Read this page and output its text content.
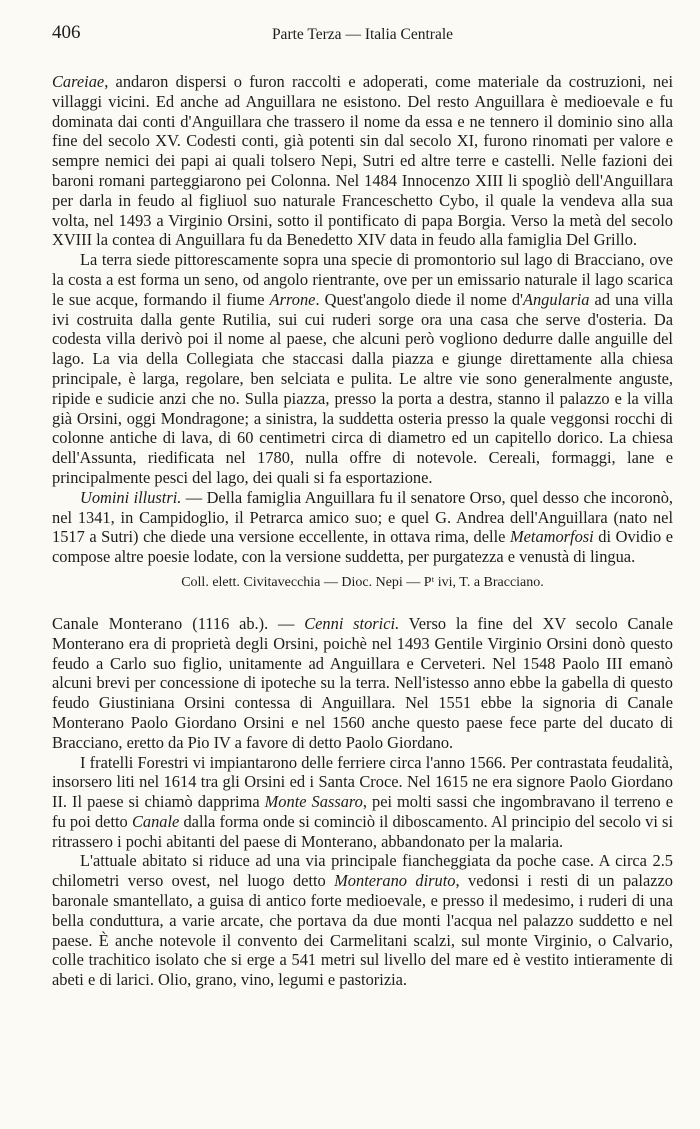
406	Parte Terza — Italia Centrale

Careiae, andaron dispersi o furon raccolti e adoperati, come materiale da costruzioni, nei villaggi vicini. Ed anche ad Anguillara ne esistono. Del resto Anguillara è medioevale e fu dominata dai conti d'Anguillara che trassero il nome da essa e ne tennero il dominio sino alla fine del secolo XV. Codesti conti, già potenti sin dal secolo XI, furono rinomati per valore e sempre nemici dei papi ai quali tolsero Nepi, Sutri ed altre terre e castelli. Nelle fazioni dei baroni romani parteggiarono pei Colonna. Nel 1484 Innocenzo XIII li spogliò dell'Anguillara per darla in feudo al figliuol suo naturale Franceschetto Cybo, il quale la vendeva alla sua volta, nel 1493 a Virginio Orsini, sotto il pontificato di papa Borgia. Verso la metà del secolo XVIII la contea di Anguillara fu da Benedetto XIV data in feudo alla famiglia Del Grillo.

La terra siede pittorescamente sopra una specie di promontorio sul lago di Bracciano, ove la costa a est forma un seno, od angolo rientrante, ove per un emissario naturale il lago scarica le sue acque, formando il fiume Arrone. Quest'angolo diede il nome d'Angularia ad una villa ivi costruita dalla gente Rutilia, sui cui ruderi sorge ora una casa che serve d'osteria. Da codesta villa derivò poi il nome al paese, che alcuni però vogliono dedurre dalle anguille del lago. La via della Collegiata che staccasi dalla piazza e giunge direttamente alla chiesa principale, è larga, regolare, ben selciata e pulita. Le altre vie sono generalmente anguste, ripide e sudicie anzi che no. Sulla piazza, presso la porta a destra, stanno il palazzo e la villa già Orsini, oggi Mondragone; a sinistra, la suddetta osteria presso la quale veggonsi rocchi di colonne antiche di lava, di 60 centimetri circa di diametro ed un capitello dorico. La chiesa dell'Assunta, riedificata nel 1780, nulla offre di notevole. Cereali, formaggi, lane e principalmente pesci del lago, dei quali si fa esportazione.

Uomini illustri. — Della famiglia Anguillara fu il senatore Orso, quel desso che incoronò, nel 1341, in Campidoglio, il Petrarca amico suo; e quel G. Andrea dell'Anguillara (nato nel 1517 a Sutri) che diede una versione eccellente, in ottava rima, delle Metamorfosi di Ovidio e compose altre poesie lodate, con la versione suddetta, per purgatezza e venustà di lingua.

Coll. elett. Civitavecchia — Dioc. Nepi — Pᵗ ivi, T. a Bracciano.

Canale Monterano (1116 ab.). — Cenni storici. Verso la fine del XV secolo Canale Monterano era di proprietà degli Orsini, poichè nel 1493 Gentile Virginio Orsini donò questo feudo a Carlo suo figlio, unitamente ad Anguillara e Cerveteri. Nel 1548 Paolo III emanò alcuni brevi per concessione di ipoteche su la terra. Nell'istesso anno ebbe la gabella di questo feudo Giustiniana Orsini contessa di Anguillara. Nel 1551 ebbe la signoria di Canale Monterano Paolo Giordano Orsini e nel 1560 anche questo paese fece parte del ducato di Bracciano, eretto da Pio IV a favore di detto Paolo Giordano.

I fratelli Forestri vi impiantarono delle ferriere circa l'anno 1566. Per contrastata feudalità, insorsero liti nel 1614 tra gli Orsini ed i Santa Croce. Nel 1615 ne era signore Paolo Giordano II. Il paese si chiamò dapprima Monte Sassaro, pei molti sassi che ingombravano il terreno e fu poi detto Canale dalla forma onde si cominciò il diboscamento. Al principio del secolo vi si ritrassero i pochi abitanti del paese di Monterano, abbandonato per la malaria.

L'attuale abitato si riduce ad una via principale fiancheggiata da poche case. A circa 2.5 chilometri verso ovest, nel luogo detto Monterano diruto, vedonsi i resti di un palazzo baronale smantellato, a guisa di antico forte medioevale, e presso il medesimo, i ruderi di una bella conduttura, a varie arcate, che portava da due monti l'acqua nel palazzo suddetto e nel paese. È anche notevole il convento dei Carmelitani scalzi, sul monte Virginio, o Calvario, colle trachitico isolato che si erge a 541 metri sul livello del mare ed è vestito intieramente di abeti e di larici. Olio, grano, vino, legumi e pastorizia.
